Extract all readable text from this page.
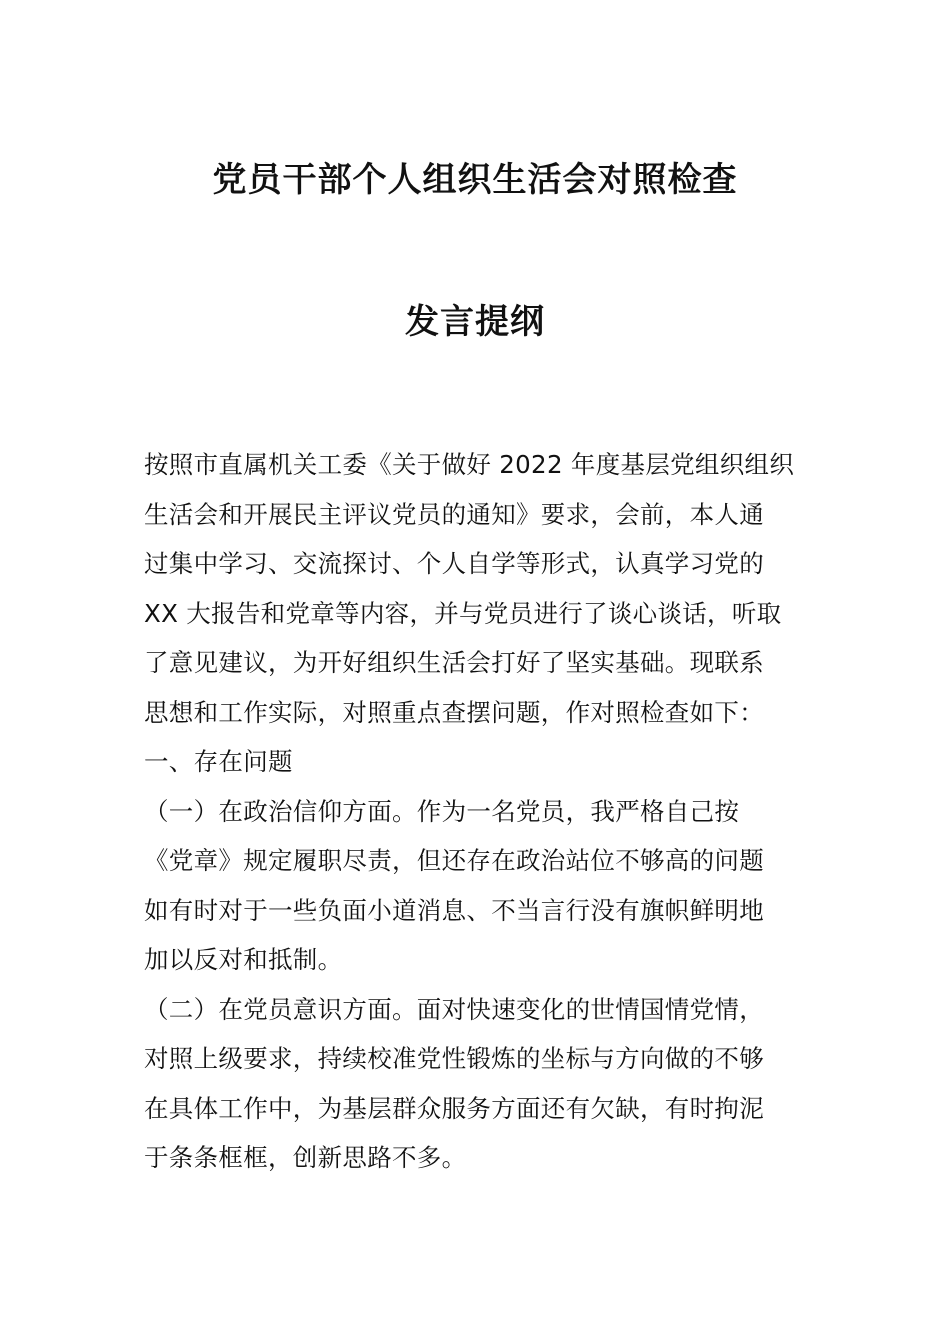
党员干部个人组织生活会对照检查
发言提纲
按照市直属机关工委《关于做好 2022 年度基层党组织组织
生活会和开展民主评议党员的通知》要求，会前，本人通
过集中学习、交流探讨、个人自学等形式，认真学习党的
XX 大报告和党章等内容，并与党员进行了谈心谈话，听取
了意见建议，为开好组织生活会打好了坚实基础。现联系
思想和工作实际，对照重点查摆问题，作对照检查如下：
一、存在问题
（一）在政治信仰方面。作为一名党员，我严格自己按
《党章》规定履职尽责，但还存在政治站位不够高的问题
如有时对于一些负面小道消息、不当言行没有旗帜鲜明地
加以反对和抵制。
（二）在党员意识方面。面对快速变化的世情国情党情，
对照上级要求，持续校准党性锻炼的坐标与方向做的不够
在具体工作中，为基层群众服务方面还有欠缺，有时拘泥
于条条框框，创新思路不多。
